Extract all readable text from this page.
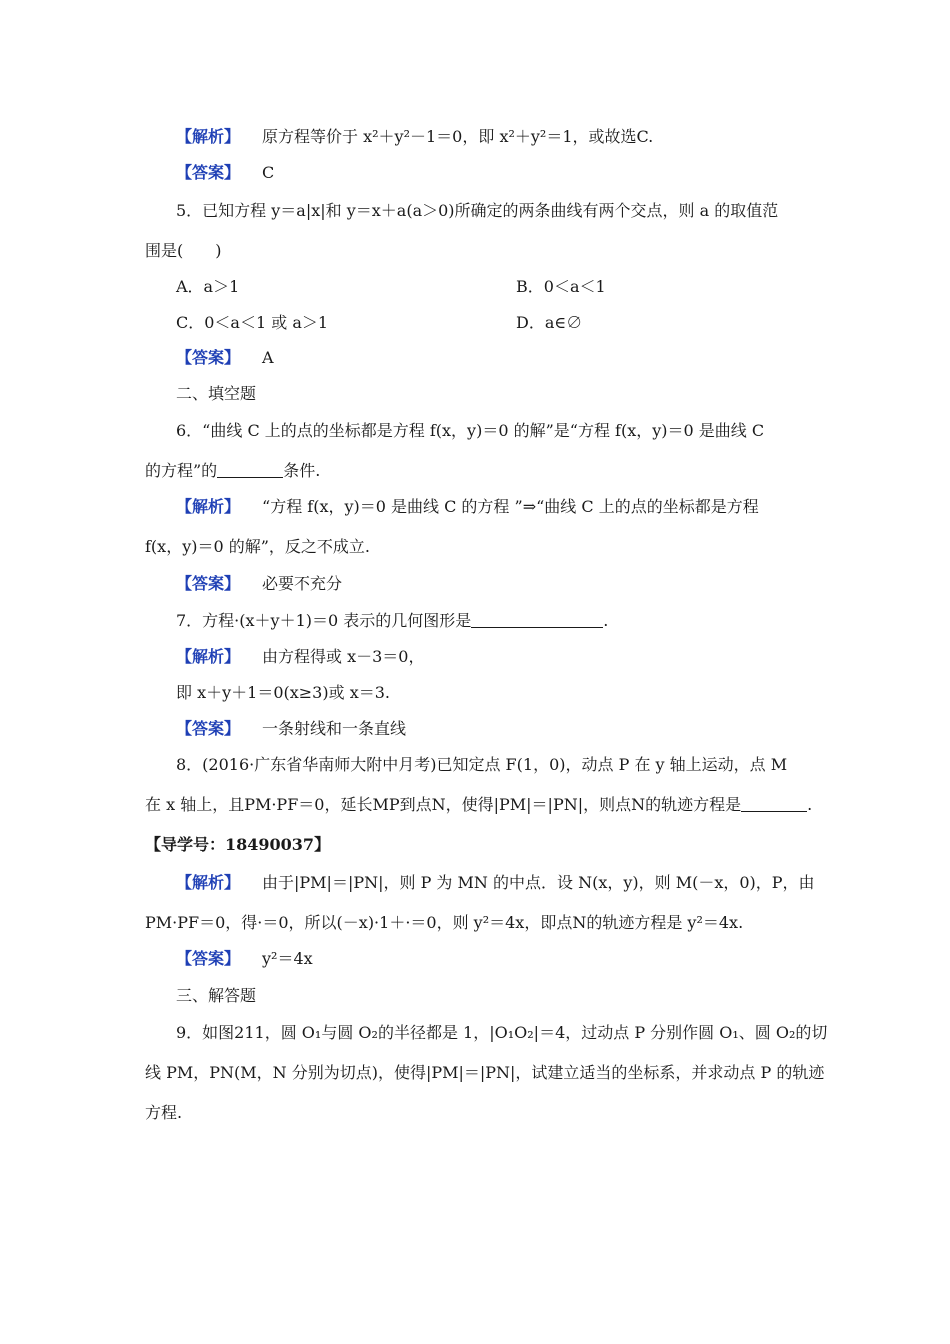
【解析】 原方程等价于 x²＋y²－1＝0，即 x²＋y²＝1，或故选C.
【答案】 C
5．已知方程 y＝a|x|和 y＝x＋a(a＞0)所确定的两条曲线有两个交点，则 a 的取值范
围是(　　)
A．a＞1	B．0＜a＜1
C．0＜a＜1 或 a＞1	D．a∈∅
【答案】 A
二、填空题
6．“曲线 C 上的点的坐标都是方程 f(x，y)＝0 的解”是“方程 f(x，y)＝0 是曲线 C
的方程”的	条件.
【解析】 “方程 f(x，y)＝0 是曲线 C 的方程 ”⇒“曲线 C 上的点的坐标都是方程
f(x，y)＝0 的解”，反之不成立.
【答案】 必要不充分
7．方程·(x＋y＋1)＝0 表示的几何图形是	.
【解析】 由方程得或 x－3＝0，
即 x＋y＋1＝0(x≥3)或 x＝3.
【答案】 一条射线和一条直线
8．(2016·广东省华南师大附中月考)已知定点 F(1，0)，动点 P 在 y 轴上运动，点 M
在 x 轴上，且PM·PF＝0，延长MP到点N，使得|PM|＝|PN|，则点N的轨迹方程是	.
【导学号：18490037】
【解析】 由于|PM|＝|PN|，则 P 为 MN 的中点．设 N(x，y)，则 M(－x，0)，P，由
PM·PF＝0，得·＝0，所以(－x)·1＋·＝0，则 y²＝4x，即点N的轨迹方程是 y²＝4x.
【答案】 y²＝4x
三、解答题
9．如图211，圆 O₁与圆 O₂的半径都是 1，|O₁O₂|＝4，过动点 P 分别作圆 O₁、圆 O₂的切
线 PM，PN(M，N 分别为切点)，使得|PM|＝|PN|，试建立适当的坐标系，并求动点 P 的轨迹
方程.
